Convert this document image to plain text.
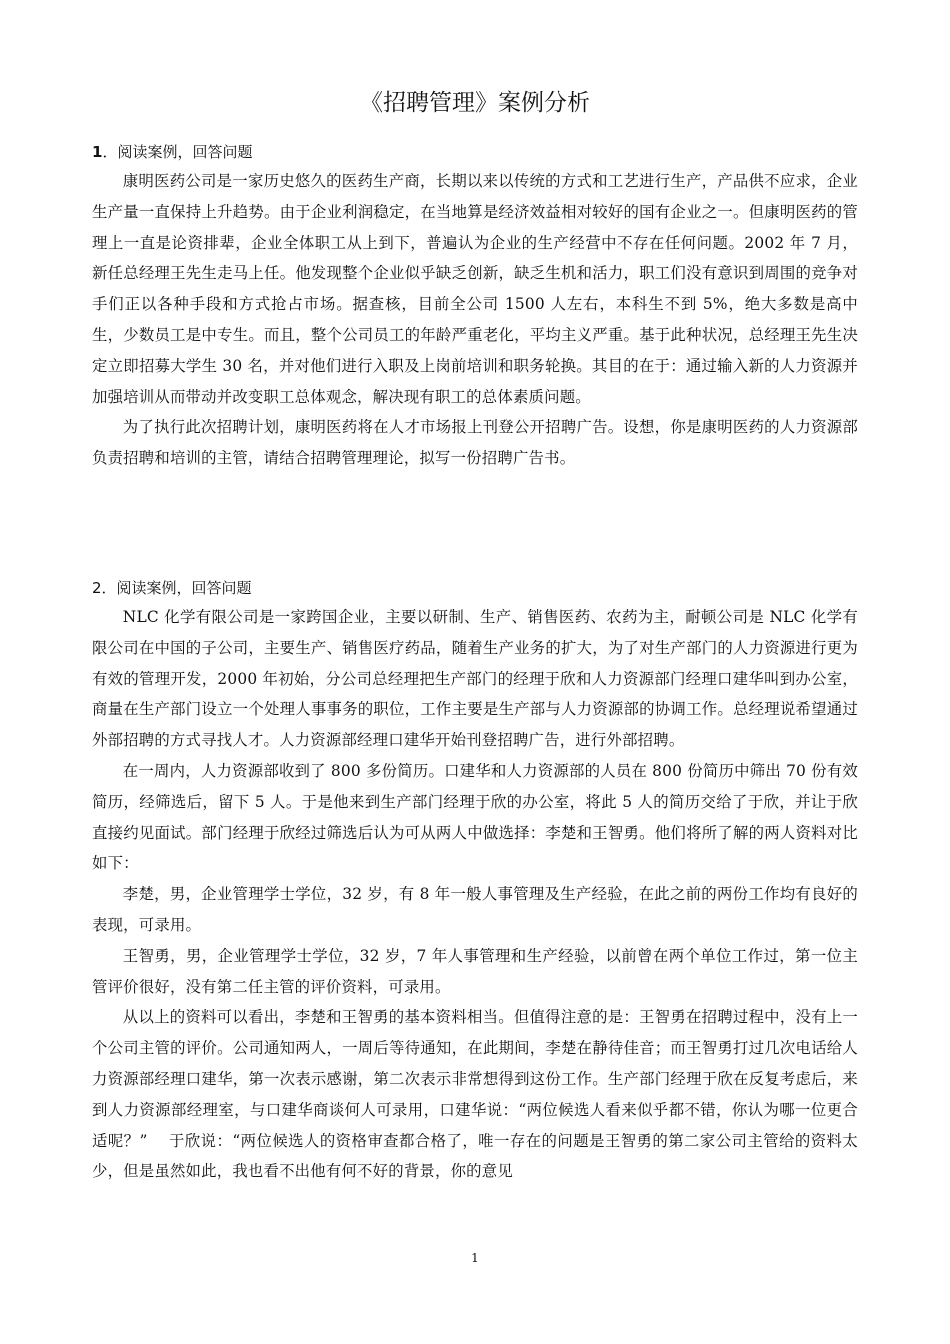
《招聘管理》案例分析
1．阅读案例，回答问题

康明医药公司是一家历史悠久的医药生产商，长期以来以传统的方式和工艺进行生产，产品供不应求，企业生产量一直保持上升趋势。由于企业利润稳定，在当地算是经济效益相对较好的国有企业之一。但康明医药的管理上一直是论资排辈，企业全体职工从上到下，普遍认为企业的生产经营中不存在任何问题。2002 年 7 月，新任总经理王先生走马上任。他发现整个企业似乎缺乏创新，缺乏生机和活力，职工们没有意识到周围的竞争对手们正以各种手段和方式抢占市场。据查核，目前全公司 1500 人左右，本科生不到 5%，绝大多数是高中生，少数员工是中专生。而且，整个公司员工的年龄严重老化，平均主义严重。基于此种状况，总经理王先生决定立即招募大学生 30 名，并对他们进行入职及上岗前培训和职务轮换。其目的在于：通过输入新的人力资源并加强培训从而带动并改变职工总体观念，解决现有职工的总体素质问题。

为了执行此次招聘计划，康明医药将在人才市场报上刊登公开招聘广告。设想，你是康明医药的人力资源部负责招聘和培训的主管，请结合招聘管理理论，拟写一份招聘广告书。

2．阅读案例，回答问题

NLC 化学有限公司是一家跨国企业，主要以研制、生产、销售医药、农药为主，耐顿公司是 NLC 化学有限公司在中国的子公司，主要生产、销售医疗药品，随着生产业务的扩大，为了对生产部门的人力资源进行更为有效的管理开发，2000 年初始，分公司总经理把生产部门的经理于欣和人力资源部门经理口建华叫到办公室，商量在生产部门设立一个处理人事事务的职位，工作主要是生产部与人力资源部的协调工作。总经理说希望通过外部招聘的方式寻找人才。人力资源部经理口建华开始刊登招聘广告，进行外部招聘。

在一周内，人力资源部收到了 800 多份简历。口建华和人力资源部的人员在 800 份简历中筛出 70 份有效简历，经筛选后，留下 5 人。于是他来到生产部门经理于欣的办公室，将此 5 人的简历交给了于欣，并让于欣直接约见面试。部门经理于欣经过筛选后认为可从两人中做选择：李楚和王智勇。他们将所了解的两人资料对比如下：

李楚，男，企业管理学士学位，32 岁，有 8 年一般人事管理及生产经验，在此之前的两份工作均有良好的表现，可录用。

王智勇，男，企业管理学士学位，32 岁，7 年人事管理和生产经验，以前曾在两个单位工作过，第一位主管评价很好，没有第二任主管的评价资料，可录用。

从以上的资料可以看出，李楚和王智勇的基本资料相当。但值得注意的是：王智勇在招聘过程中，没有上一个公司主管的评价。公司通知两人，一周后等待通知，在此期间，李楚在静待佳音；而王智勇打过几次电话给人力资源部经理口建华，第一次表示感谢，第二次表示非常想得到这份工作。生产部门经理于欣在反复考虑后，来到人力资源部经理室，与口建华商谈何人可录用，口建华说：“两位候选人看来似乎都不错，你认为哪一位更合适呢？”　 于欣说：“两位候选人的资格审查都合格了，唯一存在的问题是王智勇的第二家公司主管给的资料太少，但是虽然如此，我也看不出他有何不好的背景，你的意见

1
